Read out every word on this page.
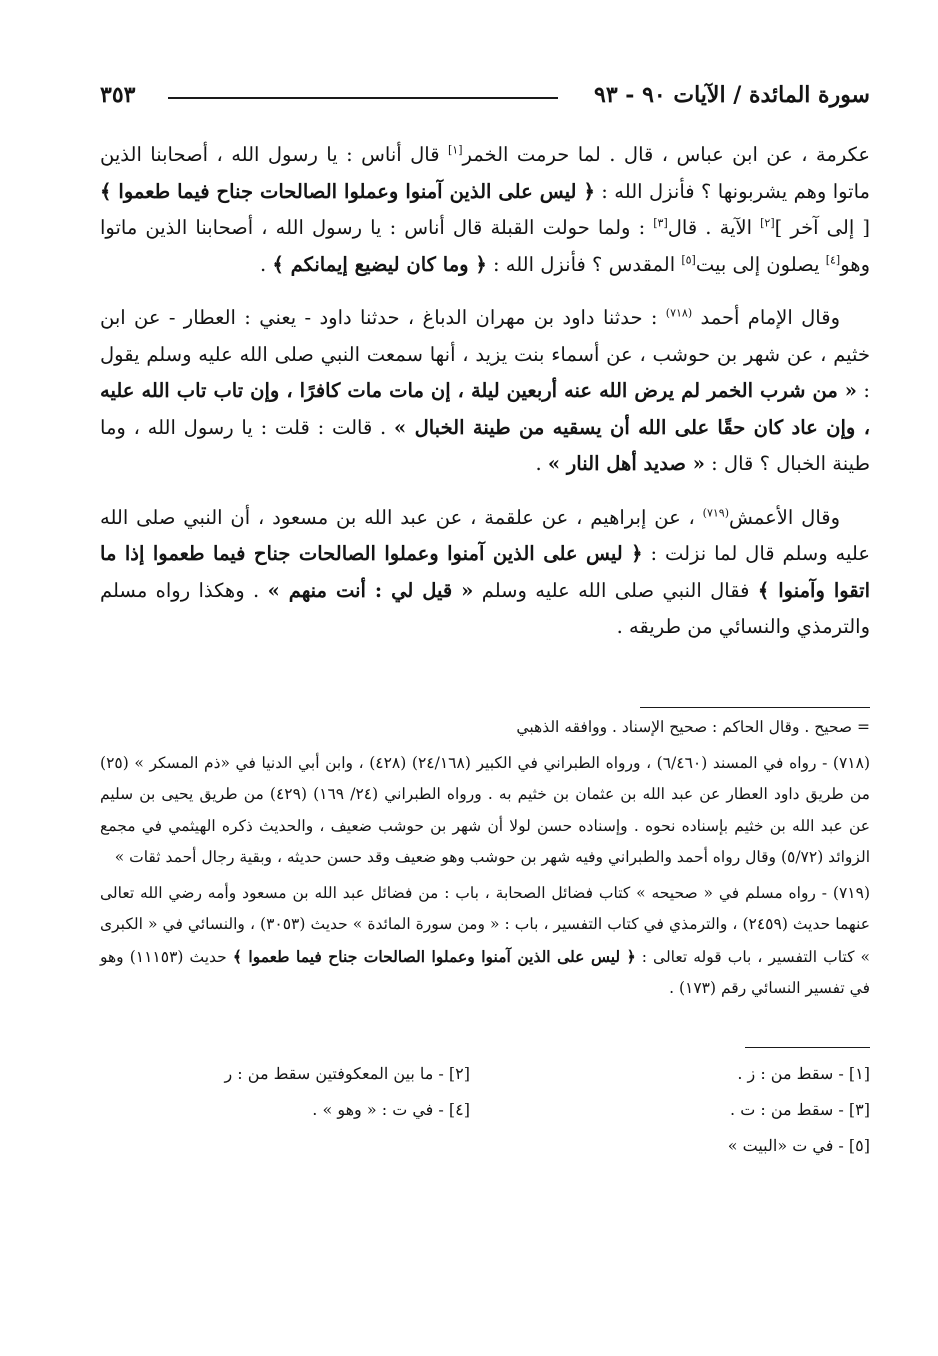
سورة المائدة / الآيات ٩٠ - ٩٣
٣٥٣

عكرمة ، عن ابن عباس ، قال . لما حرمت الخمر[١] قال أناس : يا رسول الله ، أصحابنا الذين ماتوا وهم يشربونها ؟ فأنزل الله : ﴿ ليس على الذين آمنوا وعملوا الصالحات جناح فيما طعموا ﴾ [ إلى آخر ][٢] الآية . قال[٣] : ولما حولت القبلة قال أناس : يا رسول الله ، أصحابنا الذين ماتوا وهو[٤] يصلون إلى بيت[٥] المقدس ؟ فأنزل الله : ﴿ وما كان ليضيع إيمانكم ﴾ .

وقال الإمام أحمد $^{(٧١٨)}$ : حدثنا داود بن مهران الدباغ ، حدثنا داود - يعني : العطار - عن ابن خثيم ، عن شهر بن حوشب ، عن أسماء بنت يزيد ، أنها سمعت النبي صلى الله عليه وسلم يقول : « من شرب الخمر لم يرض الله عنه أربعين ليلة ، إن مات مات كافرًا ، وإن تاب تاب الله عليه ، وإن عاد كان حقًا على الله أن يسقيه من طينة الخبال » . قالت : قلت : يا رسول الله ، وما طينة الخبال ؟ قال : « صديد أهل النار » .

وقال الأعمش$^{(٧١٩)}$ ، عن إبراهيم ، عن علقمة ، عن عبد الله بن مسعود ، أن النبي صلى الله عليه وسلم قال لما نزلت : ﴿ ليس على الذين آمنوا وعملوا الصالحات جناح فيما طعموا إذا ما اتقوا وآمنوا ﴾ فقال النبي صلى الله عليه وسلم « قيل لي : أنت منهم » . وهكذا رواه مسلم والترمذي والنسائي من طريقه .

= صحيح . وقال الحاكم : صحيح الإسناد . ووافقه الذهبي

(٧١٨) - رواه في المسند (٦/٤٦٠) ، ورواه الطبراني في الكبير (٢٤/١٦٨) (٤٢٨) ، وابن أبي الدنيا في «ذم المسكر » (٢٥) من طريق داود العطار عن عبد الله بن عثمان بن خثيم به . ورواه الطبراني (٢٤/ ١٦٩) (٤٢٩) من طريق يحيى بن سليم عن عبد الله بن خثيم بإسناده نحوه . وإسناده حسن لولا أن شهر بن حوشب ضعيف ، والحديث ذكره الهيثمي في مجمع الزوائد (٥/٧٢) وقال رواه أحمد والطبراني وفيه شهر بن حوشب وهو ضعيف وقد حسن حديثه ، وبقية رجال أحمد ثقات »

(٧١٩) - رواه مسلم في « صحيحه » كتاب فضائل الصحابة ، باب : من فضائل عبد الله بن مسعود وأمه رضي الله تعالى عنهما حديث (٢٤٥٩) ، والترمذي في كتاب التفسير ، باب : « ومن سورة المائدة » حديث (٣٠٥٣) ، والنسائي في « الكبرى » كتاب التفسير ، باب قوله تعالى : ﴿ ليس على الذين آمنوا وعملوا الصالحات جناح فيما طعموا ﴾ حديث (١١١٥٣) وهو في تفسير النسائي رقم (١٧٣) .

[١] - سقط من : ز .
[٢] - ما بين المعكوفتين سقط من : ر
[٣] - سقط من : ت .
[٤] - في ت : « وهو » .
[٥] - في ت «البيت »
